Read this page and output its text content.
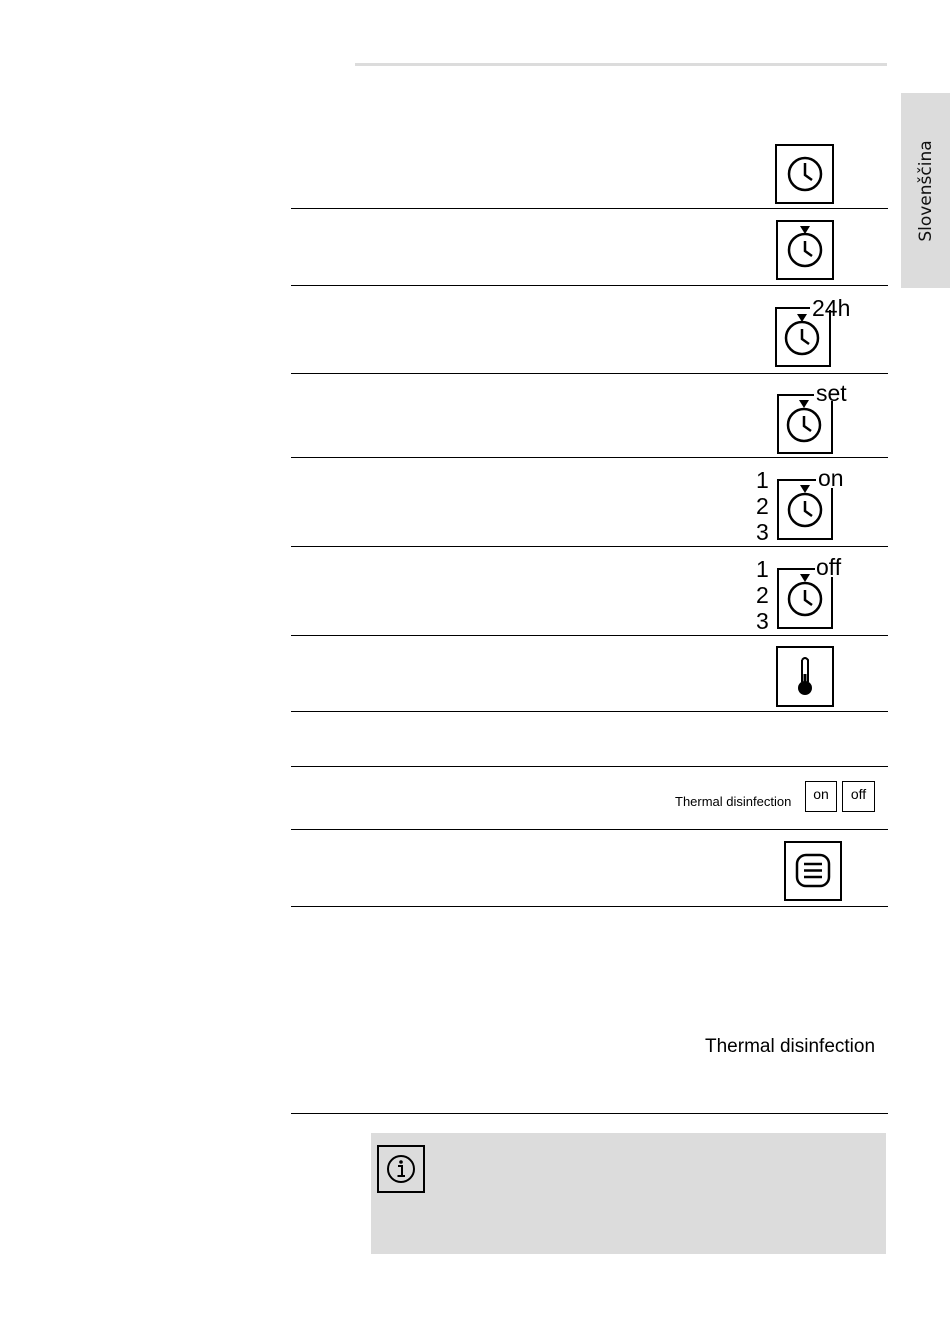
Slovenščina
24h
set
1
2
3
on
1
2
3
off
Thermal disinfection	on	off
Thermal disinfection
